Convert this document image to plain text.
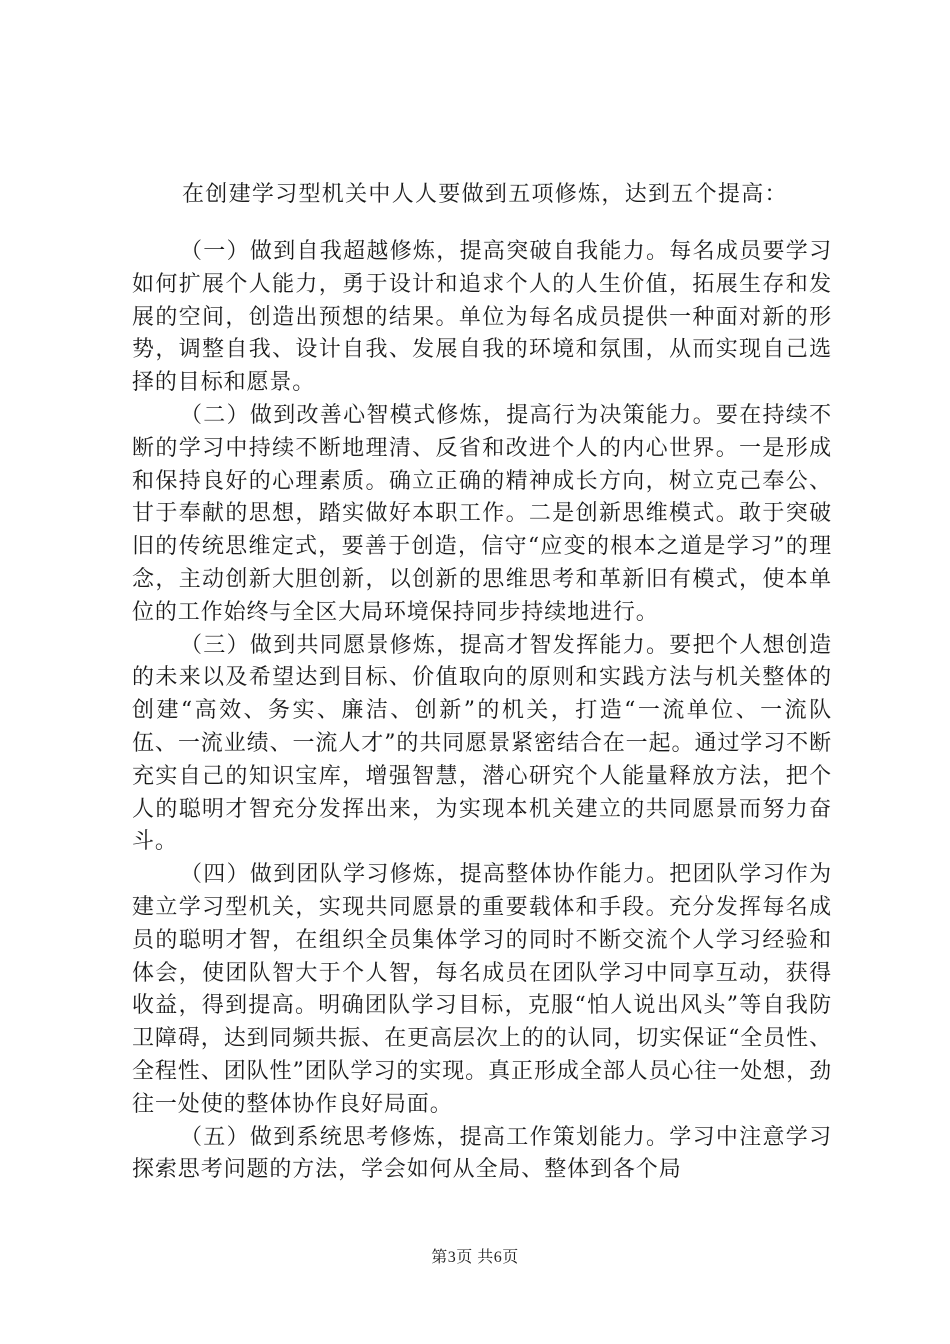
在创建学习型机关中人人要做到五项修炼，达到五个提高：

（一）做到自我超越修炼，提高突破自我能力。每名成员要学习如何扩展个人能力，勇于设计和追求个人的人生价值，拓展生存和发展的空间，创造出预想的结果。单位为每名成员提供一种面对新的形势，调整自我、设计自我、发展自我的环境和氛围，从而实现自己选择的目标和愿景。

（二）做到改善心智模式修炼，提高行为决策能力。要在持续不断的学习中持续不断地理清、反省和改进个人的内心世界。一是形成和保持良好的心理素质。确立正确的精神成长方向，树立克己奉公、甘于奉献的思想，踏实做好本职工作。二是创新思维模式。敢于突破旧的传统思维定式，要善于创造，信守“应变的根本之道是学习”的理念，主动创新大胆创新，以创新的思维思考和革新旧有模式，使本单位的工作始终与全区大局环境保持同步持续地进行。

（三）做到共同愿景修炼，提高才智发挥能力。要把个人想创造的未来以及希望达到目标、价值取向的原则和实践方法与机关整体的创建“高效、务实、廉洁、创新”的机关，打造“一流单位、一流队伍、一流业绩、一流人才”的共同愿景紧密结合在一起。通过学习不断充实自己的知识宝库，增强智慧，潜心研究个人能量释放方法，把个人的聪明才智充分发挥出来，为实现本机关建立的共同愿景而努力奋斗。

（四）做到团队学习修炼，提高整体协作能力。把团队学习作为建立学习型机关，实现共同愿景的重要载体和手段。充分发挥每名成员的聪明才智，在组织全员集体学习的同时不断交流个人学习经验和体会，使团队智大于个人智，每名成员在团队学习中同享互动，获得收益，得到提高。明确团队学习目标，克服“怕人说出风头”等自我防卫障碍，达到同频共振、在更高层次上的的认同，切实保证“全员性、全程性、团队性”团队学习的实现。真正形成全部人员心往一处想，劲往一处使的整体协作良好局面。

（五）做到系统思考修炼，提高工作策划能力。学习中注意学习探索思考问题的方法，学会如何从全局、整体到各个局

第3页 共6页
